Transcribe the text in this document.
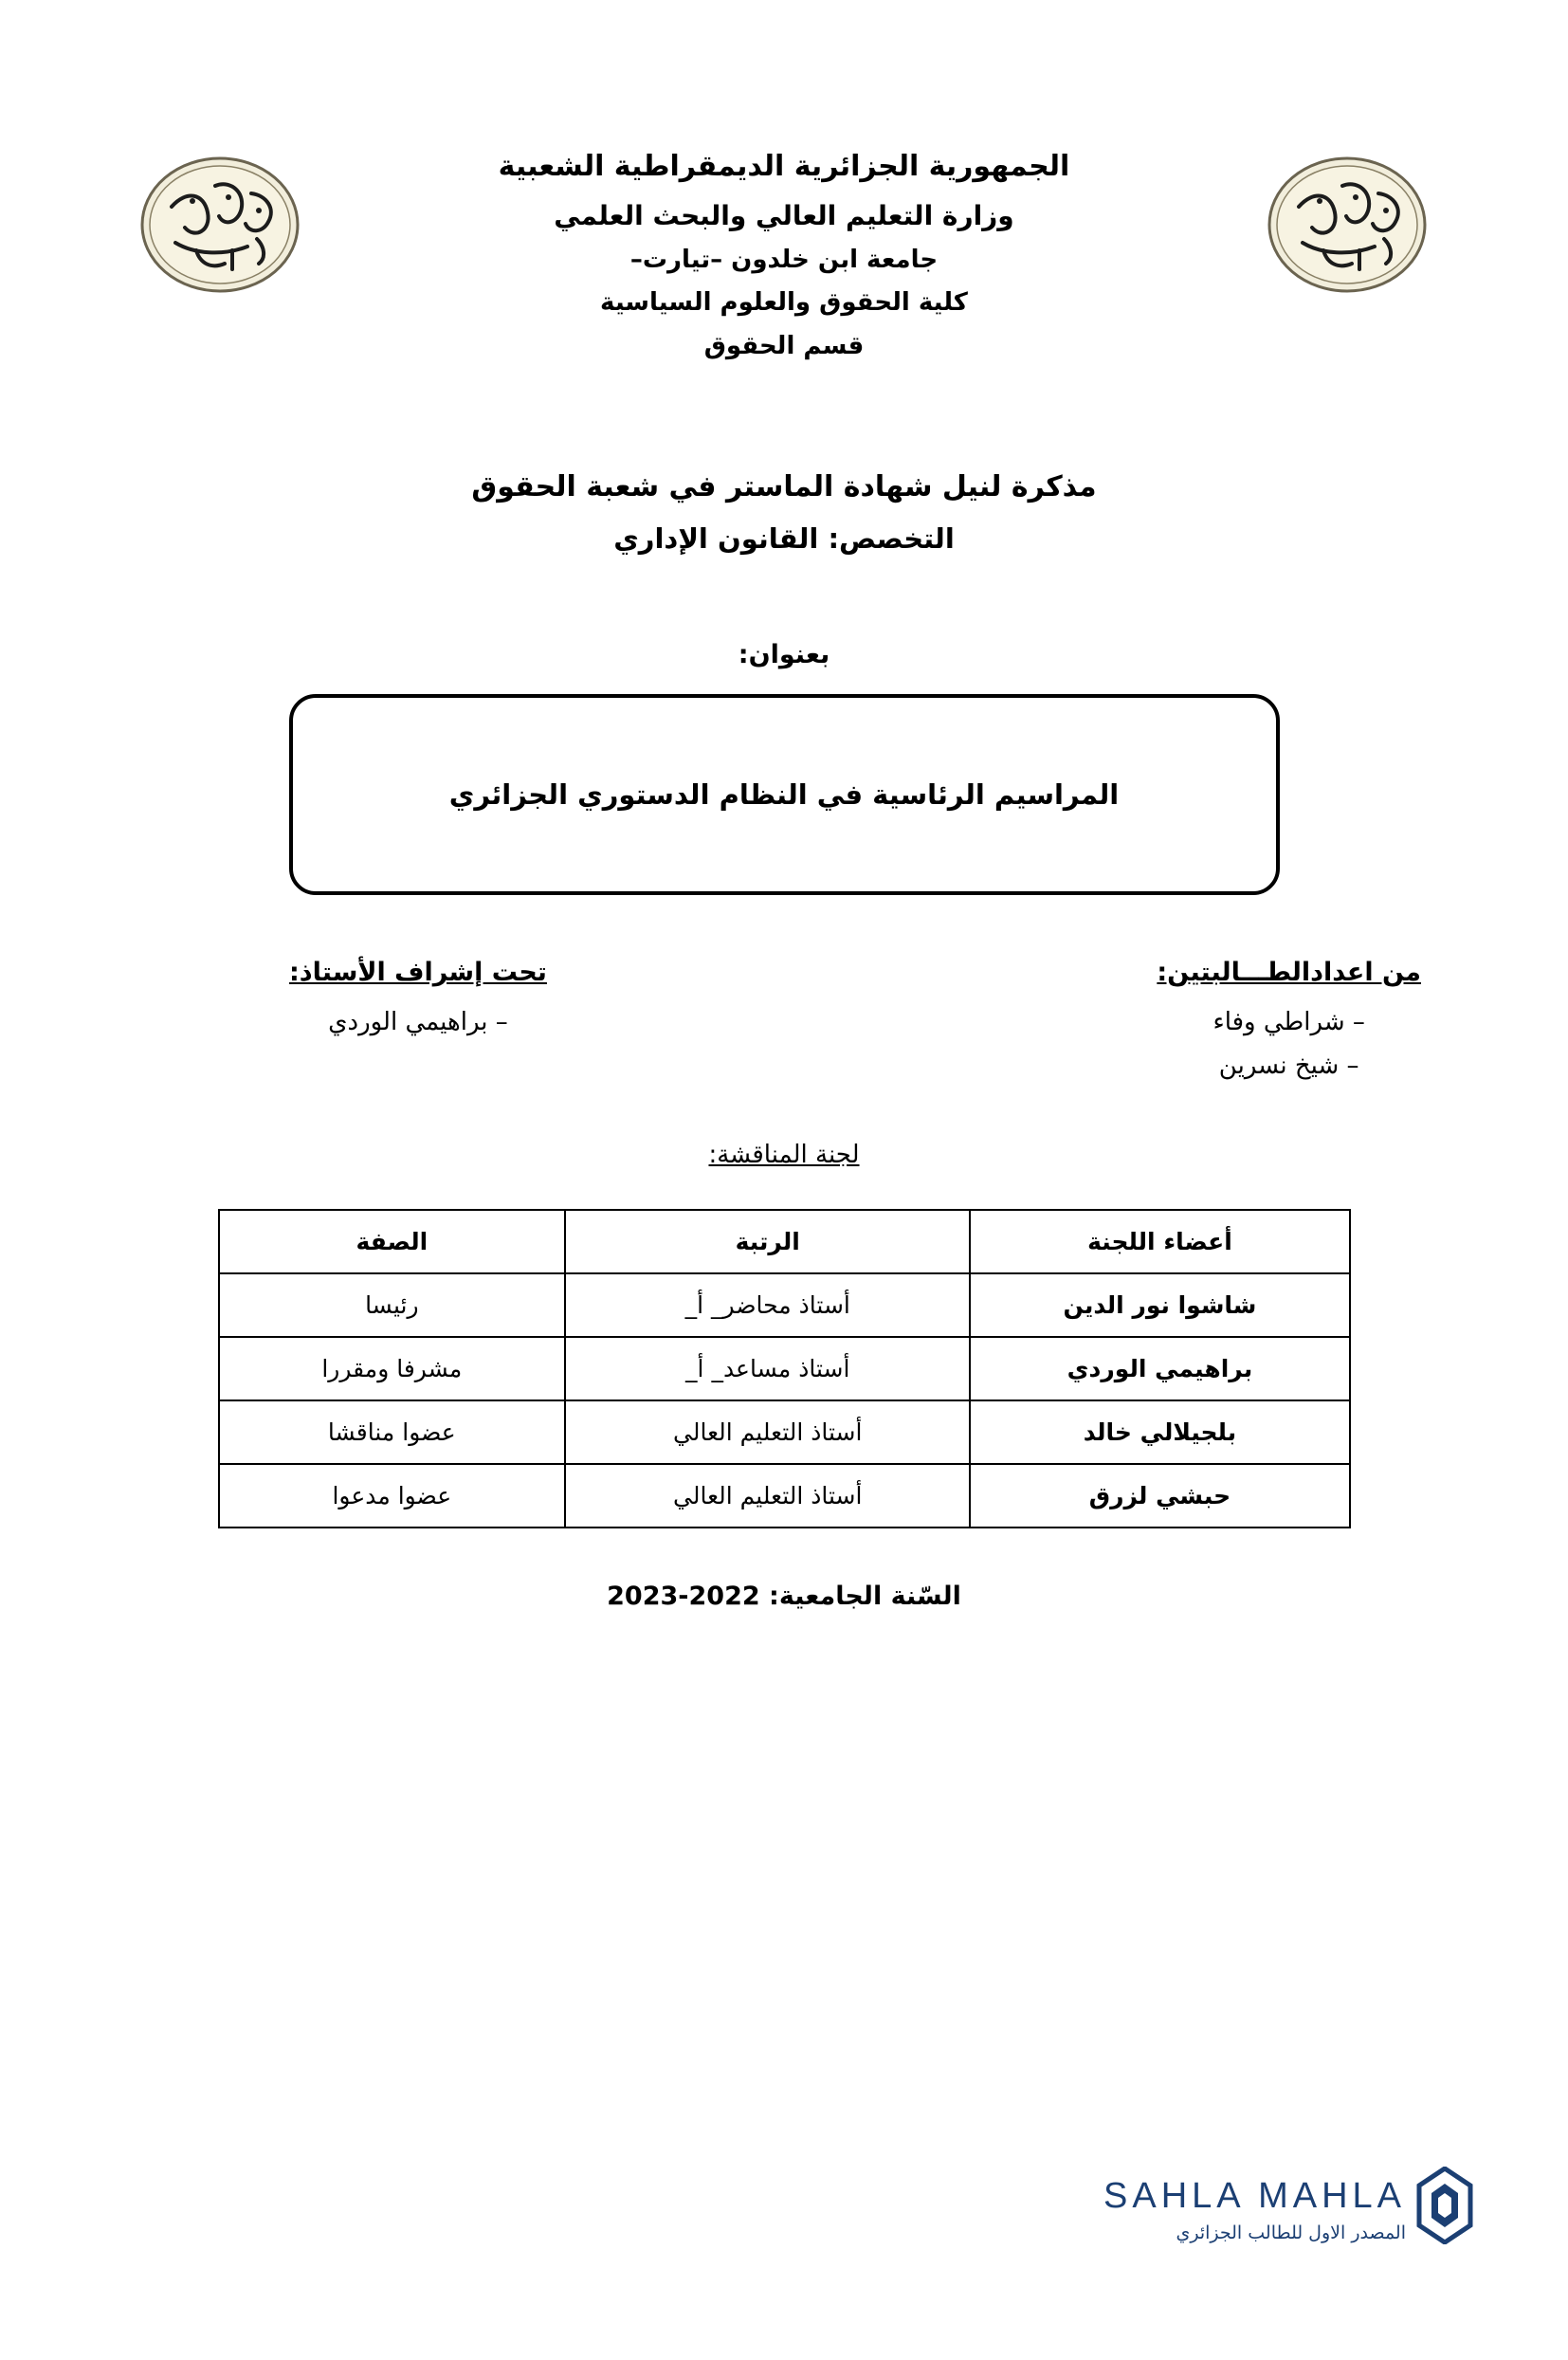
الجمهورية الجزائرية الديمقراطية الشعبية
وزارة التعليم العالي والبحث العلمي
جامعة ابن خلدون –تيارت–
كلية الحقوق والعلوم السياسية
قسم الحقوق
مذكرة لنيل شهادة الماستر في شعبة الحقوق
التخصص: القانون الإداري
بعنوان:
المراسيم الرئاسية في النظام الدستوري الجزائري
من اعدادالطـــالبتين:
– شراطي وفاء
– شيخ نسرين
تحت إشراف الأستاذ:
– براهيمي الوردي
لجنة المناقشة:
أعضاء اللجنة	الرتبة	الصفة
شاشوا نور الدين	أستاذ محاضر_ أ_	رئيسا
براهيمي الوردي	أستاذ مساعد_ أ_	مشرفا ومقررا
بلجيلالي خالد	أستاذ التعليم العالي	عضوا مناقشا
حبشي لزرق	أستاذ التعليم العالي	عضوا مدعوا
السّنة الجامعية: 2022-2023
SAHLA MAHLA
المصدر الاول للطالب الجزائري
